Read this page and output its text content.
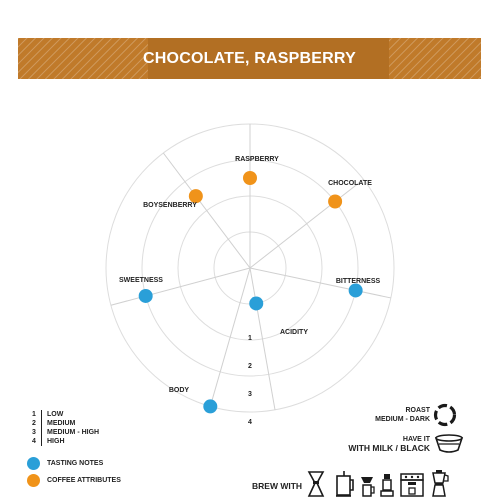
CHOCOLATE, RASPBERRY
1
2
3
4
RASPBERRY
CHOCOLATE
BITTERNESS
ACIDITY
BODY
SWEETNESS
BOYSENBERRY
1	LOW
2	MEDIUM
3	MEDIUM - HIGH
4	HIGH
TASTING NOTES
COFFEE ATTRIBUTES
ROAST
MEDIUM - DARK
HAVE IT
WITH MILK / BLACK
BREW WITH
